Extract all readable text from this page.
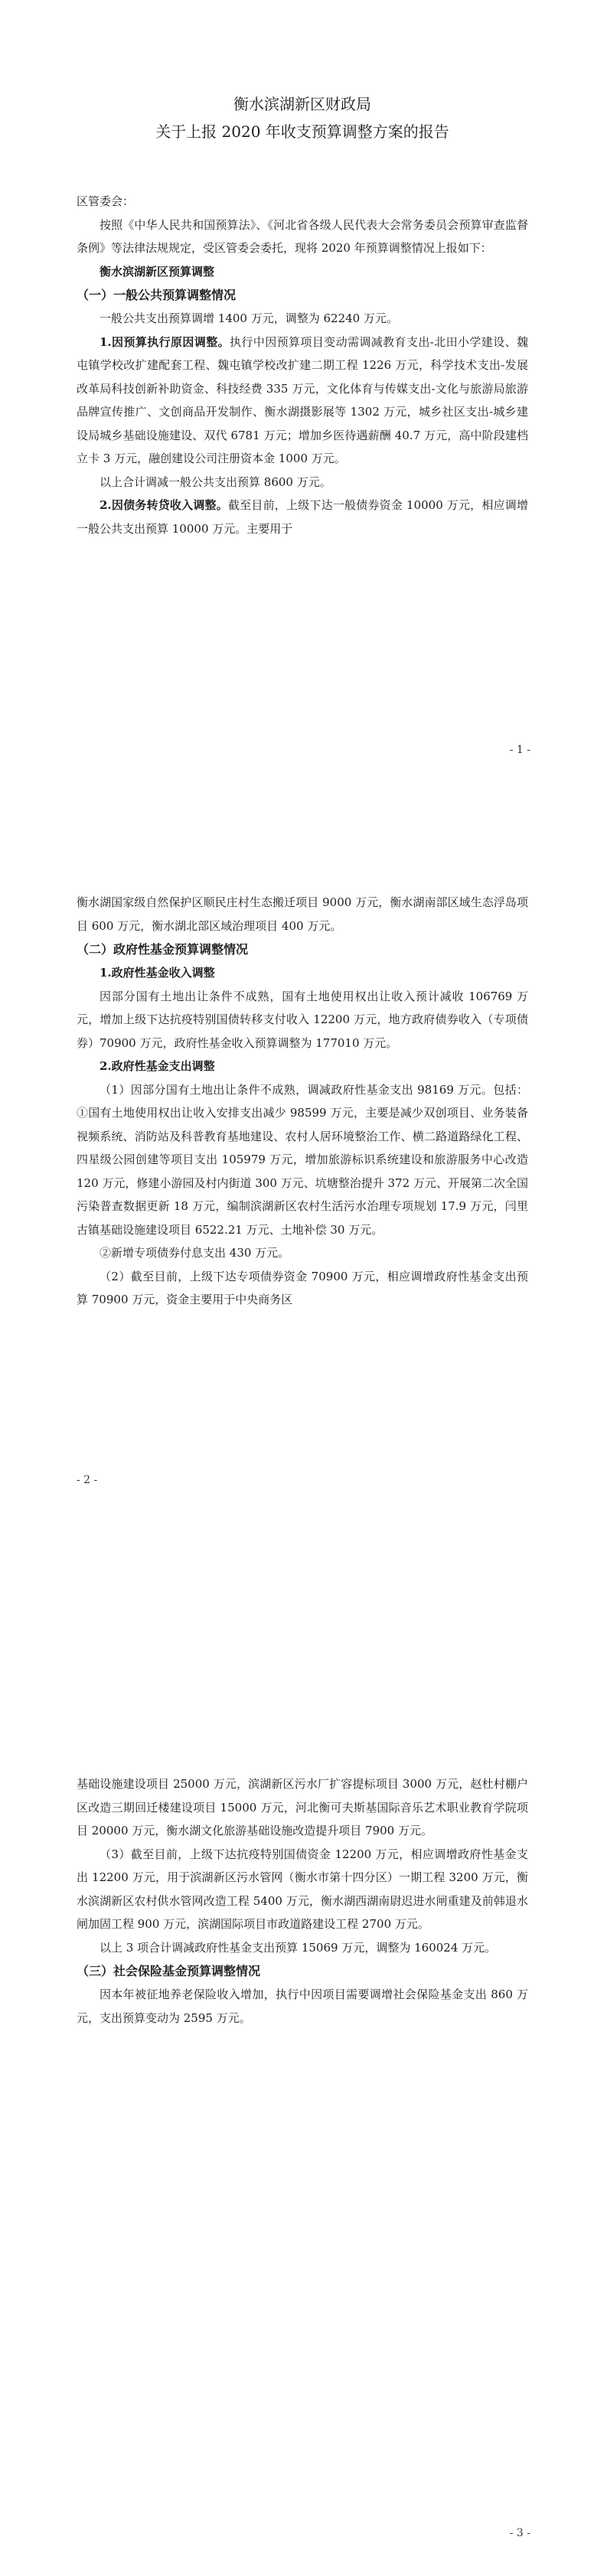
衡水滨湖新区财政局

关于上报 2020 年收支预算调整方案的报告

区管委会：

按照《中华人民共和国预算法》、《河北省各级人民代表大会常务委员会预算审查监督条例》等法律法规规定，受区管委会委托，现将 2020 年预算调整情况上报如下：

衡水滨湖新区预算调整

（一）一般公共预算调整情况

一般公共支出预算调增 1400 万元，调整为 62240 万元。

1.因预算执行原因调整。执行中因预算项目变动需调减教育支出-北田小学建设、魏屯镇学校改扩建配套工程、魏屯镇学校改扩建二期工程 1226 万元，科学技术支出-发展改革局科技创新补助资金、科技经费 335 万元，文化体育与传媒支出-文化与旅游局旅游品牌宣传推广、文创商品开发制作、衡水湖摄影展等 1302 万元，城乡社区支出-城乡建设局城乡基础设施建设、双代 6781 万元；增加乡医待遇薪酬 40.7 万元，高中阶段建档立卡 3 万元，融创建设公司注册资本金 1000 万元。

以上合计调减一般公共支出预算 8600 万元。

2.因债务转贷收入调整。截至目前，上级下达一般债券资金 10000 万元，相应调增一般公共支出预算 10000 万元。主要用于

- 1 -

衡水湖国家级自然保护区顺民庄村生态搬迁项目 9000 万元，衡水湖南部区域生态浮岛项目 600 万元，衡水湖北部区域治理项目 400 万元。

（二）政府性基金预算调整情况

1.政府性基金收入调整

因部分国有土地出让条件不成熟，国有土地使用权出让收入预计减收 106769 万元，增加上级下达抗疫特别国债转移支付收入 12200 万元，地方政府债券收入（专项债券）70900 万元，政府性基金收入预算调整为 177010 万元。

2.政府性基金支出调整

（1）因部分国有土地出让条件不成熟，调减政府性基金支出 98169 万元。包括：①国有土地使用权出让收入安排支出减少 98599 万元，主要是减少双创项目、业务装备视频系统、消防站及科普教育基地建设、农村人居环境整治工作、横二路道路绿化工程、四星级公园创建等项目支出 105979 万元，增加旅游标识系统建设和旅游服务中心改造 120 万元，修建小游园及村内街道 300 万元、坑塘整治提升 372 万元、开展第二次全国污染普查数据更新 18 万元，编制滨湖新区农村生活污水治理专项规划 17.9 万元，闫里古镇基础设施建设项目 6522.21 万元、土地补偿 30 万元。

②新增专项债券付息支出 430 万元。

（2）截至目前，上级下达专项债券资金 70900 万元，相应调增政府性基金支出预算 70900 万元，资金主要用于中央商务区

- 2 -

基础设施建设项目 25000 万元，滨湖新区污水厂扩容提标项目 3000 万元，赵杜村棚户区改造三期回迁楼建设项目 15000 万元，河北衡可夫斯基国际音乐艺术职业教育学院项目 20000 万元，衡水湖文化旅游基础设施改造提升项目 7900 万元。

（3）截至目前，上级下达抗疫特别国债资金 12200 万元，相应调增政府性基金支出 12200 万元，用于滨湖新区污水管网（衡水市第十四分区）一期工程 3200 万元，衡水滨湖新区农村供水管网改造工程 5400 万元，衡水湖西湖南尉迟进水闸重建及前韩退水闸加固工程 900 万元，滨湖国际项目市政道路建设工程 2700 万元。

以上 3 项合计调减政府性基金支出预算 15069 万元，调整为 160024 万元。

（三）社会保险基金预算调整情况

因本年被征地养老保险收入增加，执行中因项目需要调增社会保险基金支出 860 万元，支出预算变动为 2595 万元。

- 3 -
